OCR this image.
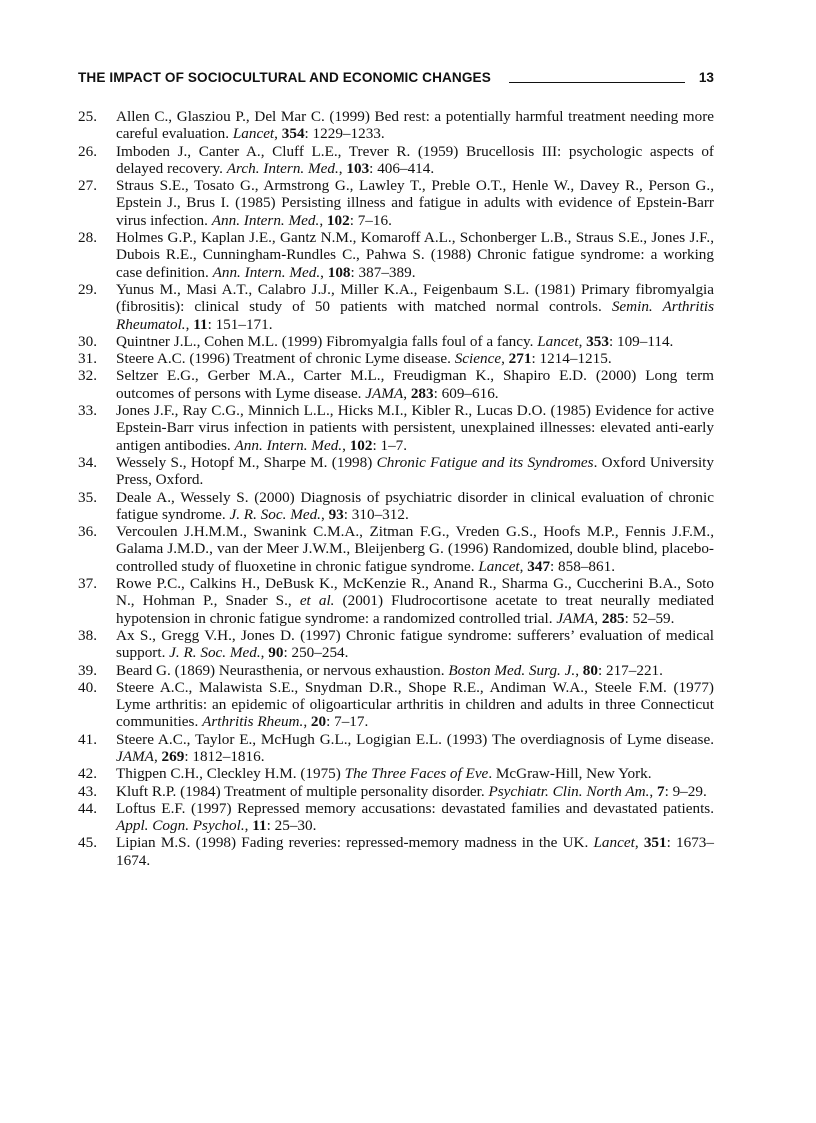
THE IMPACT OF SOCIOCULTURAL AND ECONOMIC CHANGES	13
25.	Allen C., Glasziou P., Del Mar C. (1999) Bed rest: a potentially harmful treatment needing more careful evaluation. Lancet, 354: 1229–1233.

26.	Imboden J., Canter A., Cluff L.E., Trever R. (1959) Brucellosis III: psychologic aspects of delayed recovery. Arch. Intern. Med., 103: 406–414.

27.	Straus S.E., Tosato G., Armstrong G., Lawley T., Preble O.T., Henle W., Davey R., Person G., Epstein J., Brus I. (1985) Persisting illness and fatigue in adults with evidence of Epstein-Barr virus infection. Ann. Intern. Med., 102: 7–16.

28.	Holmes G.P., Kaplan J.E., Gantz N.M., Komaroff A.L., Schonberger L.B., Straus S.E., Jones J.F., Dubois R.E., Cunningham-Rundles C., Pahwa S. (1988) Chronic fatigue syndrome: a working case definition. Ann. Intern. Med., 108: 387–389.

29.	Yunus M., Masi A.T., Calabro J.J., Miller K.A., Feigenbaum S.L. (1981) Primary fibromyalgia (fibrositis): clinical study of 50 patients with matched normal controls. Semin. Arthritis Rheumatol., 11: 151–171.

30.	Quintner J.L., Cohen M.L. (1999) Fibromyalgia falls foul of a fancy. Lancet, 353: 109–114.

31.	Steere A.C. (1996) Treatment of chronic Lyme disease. Science, 271: 1214–1215.

32.	Seltzer E.G., Gerber M.A., Carter M.L., Freudigman K., Shapiro E.D. (2000) Long term outcomes of persons with Lyme disease. JAMA, 283: 609–616.

33.	Jones J.F., Ray C.G., Minnich L.L., Hicks M.I., Kibler R., Lucas D.O. (1985) Evidence for active Epstein-Barr virus infection in patients with persistent, unexplained illnesses: elevated anti-early antigen antibodies. Ann. Intern. Med., 102: 1–7.

34.	Wessely S., Hotopf M., Sharpe M. (1998) Chronic Fatigue and its Syndromes. Oxford University Press, Oxford.

35.	Deale A., Wessely S. (2000) Diagnosis of psychiatric disorder in clinical evaluation of chronic fatigue syndrome. J. R. Soc. Med., 93: 310–312.

36.	Vercoulen J.H.M.M., Swanink C.M.A., Zitman F.G., Vreden G.S., Hoofs M.P., Fennis J.F.M., Galama J.M.D., van der Meer J.W.M., Bleijenberg G. (1996) Randomized, double blind, placebo-controlled study of fluoxetine in chronic fatigue syndrome. Lancet, 347: 858–861.

37.	Rowe P.C., Calkins H., DeBusk K., McKenzie R., Anand R., Sharma G., Cuccherini B.A., Soto N., Hohman P., Snader S., et al. (2001) Fludrocortisone acetate to treat neurally mediated hypotension in chronic fatigue syndrome: a randomized controlled trial. JAMA, 285: 52–59.

38.	Ax S., Gregg V.H., Jones D. (1997) Chronic fatigue syndrome: sufferers’ evaluation of medical support. J. R. Soc. Med., 90: 250–254.

39.	Beard G. (1869) Neurasthenia, or nervous exhaustion. Boston Med. Surg. J., 80: 217–221.

40.	Steere A.C., Malawista S.E., Snydman D.R., Shope R.E., Andiman W.A., Steele F.M. (1977) Lyme arthritis: an epidemic of oligoarticular arthritis in children and adults in three Connecticut communities. Arthritis Rheum., 20: 7–17.

41.	Steere A.C., Taylor E., McHugh G.L., Logigian E.L. (1993) The overdiagnosis of Lyme disease. JAMA, 269: 1812–1816.

42.	Thigpen C.H., Cleckley H.M. (1975) The Three Faces of Eve. McGraw-Hill, New York.

43.	Kluft R.P. (1984) Treatment of multiple personality disorder. Psychiatr. Clin. North Am., 7: 9–29.

44.	Loftus E.F. (1997) Repressed memory accusations: devastated families and devastated patients. Appl. Cogn. Psychol., 11: 25–30.

45.	Lipian M.S. (1998) Fading reveries: repressed-memory madness in the UK. Lancet, 351: 1673–1674.
